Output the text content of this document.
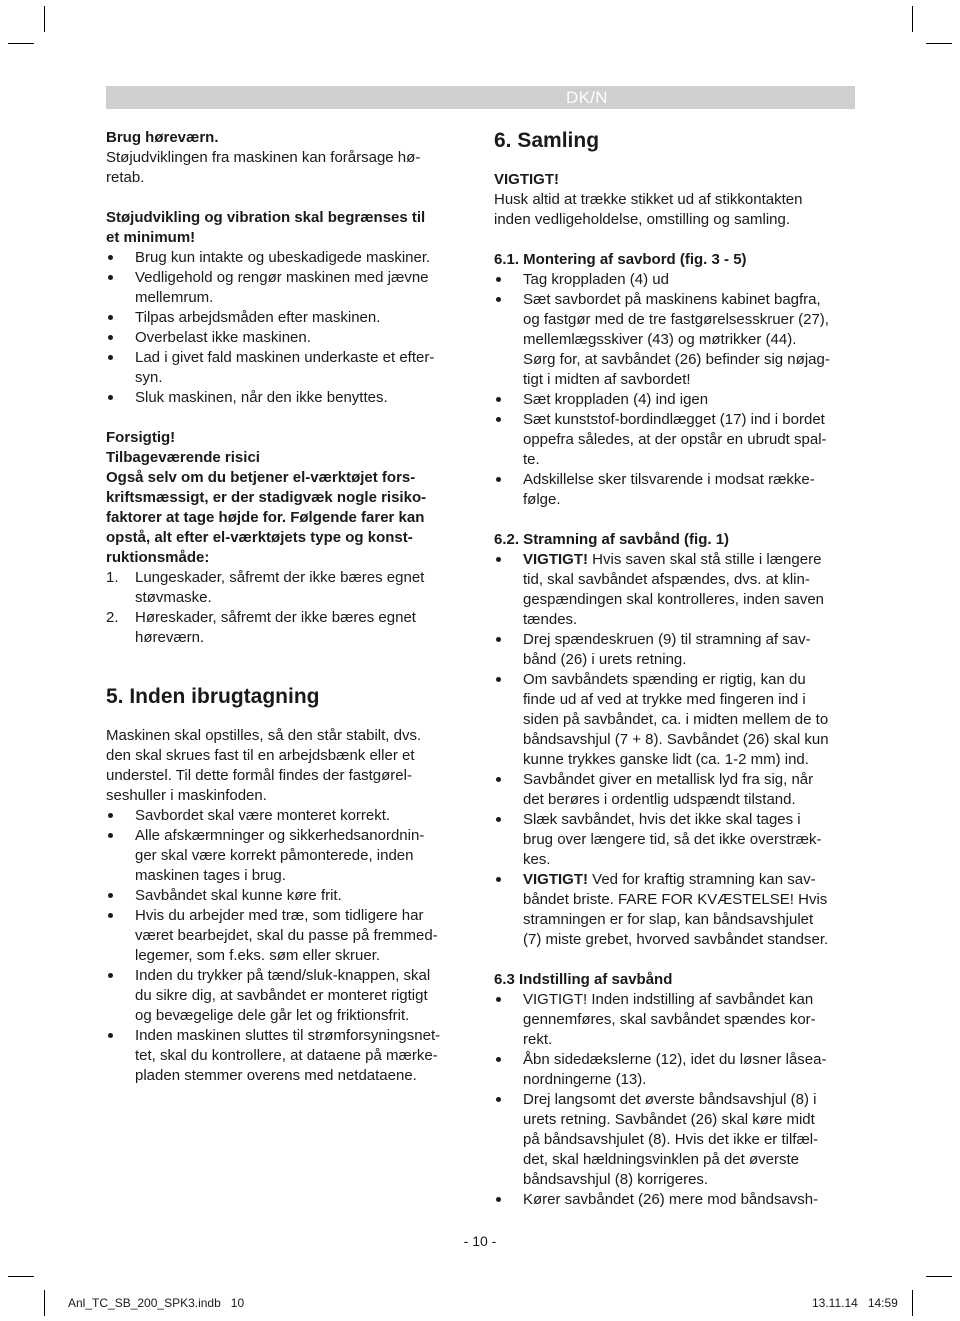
DK/N

Brug høreværn.

Støjudviklingen fra maskinen kan forårsage hø-
retab.

Støjudvikling og vibration skal begrænses til
et minimum!

Brug kun intakte og ubeskadigede maskiner.
Vedligehold og rengør maskinen med jævne
mellemrum.
Tilpas arbejdsmåden efter maskinen.
Overbelast ikke maskinen.
Lad i givet fald maskinen underkaste et efter-
syn.
Sluk maskinen, når den ikke benyttes.

Forsigtig!

Tilbageværende risici

Også selv om du betjener el-værktøjet fors-
kriftsmæssigt, er der stadigvæk nogle risiko-
faktorer at tage højde for. Følgende farer kan
opstå, alt efter el-værktøjets type og konst-
ruktionsmåde:

1. Lungeskader, såfremt der ikke bæres egnet
støvmaske.
2. Høreskader, såfremt der ikke bæres egnet
høreværn.

5. Inden ibrugtagning

Maskinen skal opstilles, så den står stabilt, dvs.
den skal skrues fast til en arbejdsbænk eller et
understel. Til dette formål findes der fastgørel-
seshuller i maskinfoden.

Savbordet skal være monteret korrekt.
Alle afskærmninger og sikkerhedsanordnin-
ger skal være korrekt påmonterede, inden
maskinen tages i brug.
Savbåndet skal kunne køre frit.
Hvis du arbejder med træ, som tidligere har
været bearbejdet, skal du passe på fremmed-
legemer, som f.eks. søm eller skruer.
Inden du trykker på tænd/sluk-knappen, skal
du sikre dig, at savbåndet er monteret rigtigt
og bevægelige dele går let og friktionsfrit.
Inden maskinen sluttes til strømforsyningsnet-
tet, skal du kontrollere, at dataene på mærke-
pladen stemmer overens med netdataene.

6. Samling

VIGTIGT!

Husk altid at trække stikket ud af stikkontakten
inden vedligeholdelse, omstilling og samling.

6.1. Montering af savbord (fig. 3 - 5)

Tag kroppladen (4) ud
Sæt savbordet på maskinens kabinet bagfra,
og fastgør med de tre fastgørelsesskruer (27),
mellemlægsskiver (43) og møtrikker (44).
Sørg for, at savbåndet (26) befinder sig nøjag-
tigt i midten af savbordet!
Sæt kroppladen (4) ind igen
Sæt kunststof-bordindlægget (17) ind i bordet
oppefra således, at der opstår en ubrudt spal-
te.
Adskillelse sker tilsvarende i modsat række-
følge.

6.2. Stramning af savbånd (fig. 1)

VIGTIGT! Hvis saven skal stå stille i længere
tid, skal savbåndet afspændes, dvs. at klin-
gespændingen skal kontrolleres, inden saven
tændes.
Drej spændeskruen (9) til stramning af sav-
bånd (26) i urets retning.
Om savbåndets spænding er rigtig, kan du
finde ud af ved at trykke med fingeren ind i
siden på savbåndet, ca. i midten mellem de to
båndsavshjul (7 + 8). Savbåndet (26) skal kun
kunne trykkes ganske lidt (ca. 1-2 mm) ind.
Savbåndet giver en metallisk lyd fra sig, når
det berøres i ordentlig udspændt tilstand.
Slæk savbåndet, hvis det ikke skal tages i
brug over længere tid, så det ikke overstræk-
kes.
VIGTIGT! Ved for kraftig stramning kan sav-
båndet briste. FARE FOR KVÆSTELSE! Hvis
stramningen er for slap, kan båndsavshjulet
(7) miste grebet, hvorved savbåndet standser.

6.3 Indstilling af savbånd

VIGTIGT! Inden indstilling af savbåndet kan
gennemføres, skal savbåndet spændes kor-
rekt.
Åbn sidedækslerne (12), idet du løsner låsea-
nordningerne (13).
Drej langsomt det øverste båndsavshjul (8) i
urets retning. Savbåndet (26) skal køre midt
på båndsavshjulet (8). Hvis det ikke er tilfæl-
det, skal hældningsvinklen på det øverste
båndsavshjul (8) korrigeres.
Kører savbåndet (26) mere mod båndsavsh-
- 10 -
Anl_TC_SB_200_SPK3.indb   10	13.11.14   14:59
